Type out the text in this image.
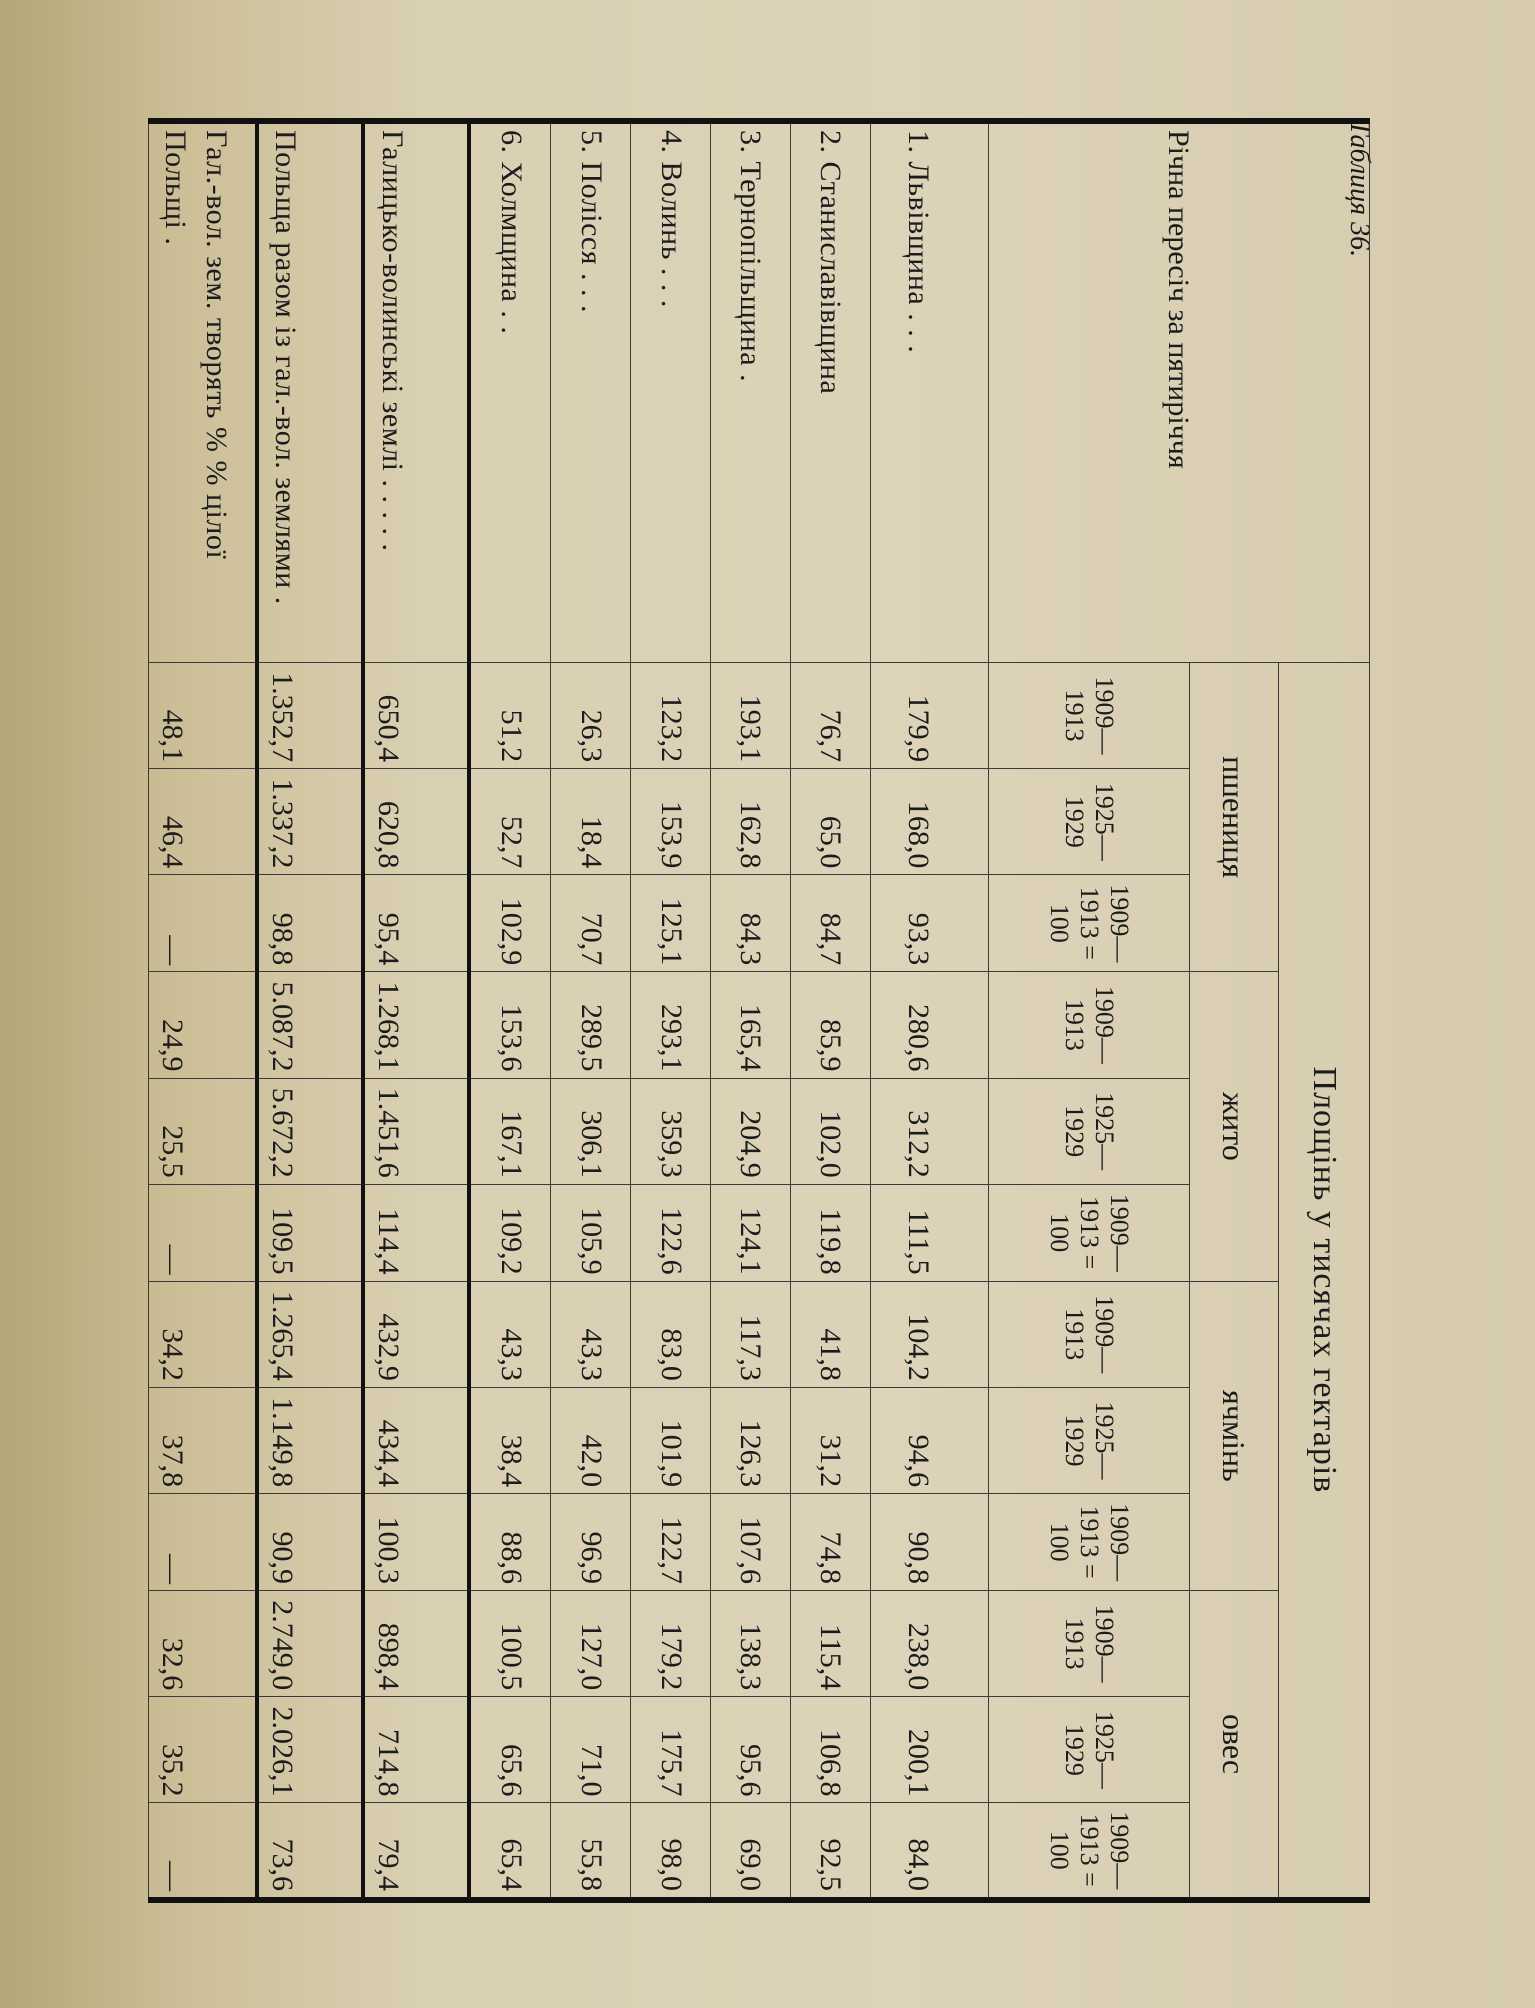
Таблиця 36.
Річна пересіч за пятиріччя	Площінь у тисячах гектарів											
	пшениця			жито			ячмінь			овес		
	1909—1913	1925—1929	1909—1913 = 100	1909—1913	1925—1929	1909—1913 = 100	1909—1913	1925—1929	1909—1913 = 100	1909—1913	1925—1929	1909—1913 = 100
1. Львівщина . . .	179,9	168,0	93,3	280,6	312,2	111,5	104,2	94,6	90,8	238,0	200,1	84,0
2. Станиславівщина	76,7	65,0	84,7	85,9	102,0	119,8	41,8	31,2	74,8	115,4	106,8	92,5
3. Тернопільщина .	193,1	162,8	84,3	165,4	204,9	124,1	117,3	126,3	107,6	138,3	95,6	69,0
4. Волинь . . .	123,2	153,9	125,1	293,1	359,3	122,6	83,0	101,9	122,7	179,2	175,7	98,0
5. Полісся . . .	26,3	18,4	70,7	289,5	306,1	105,9	43,3	42,0	96,9	127,0	71,0	55,8
6. Холмщина . .	51,2	52,7	102,9	153,6	167,1	109,2	43,3	38,4	88,6	100,5	65,6	65,4
Галицько-волинські землі . . . . .	650,4	620,8	95,4	1.268,1	1.451,6	114,4	432,9	434,4	100,3	898,4	714,8	79,4
Польща разом із гал.-вол. землями .	1.352,7	1.337,2	98,8	5.087,2	5.672,2	109,5	1.265,4	1.149,8	90,9	2.749,0	2.026,1	73,6
Гал.-вол. зем. творять % % цілої Польщі .	48,1	46,4	—	24,9	25,5	—	34,2	37,8	—	32,6	35,2	—
